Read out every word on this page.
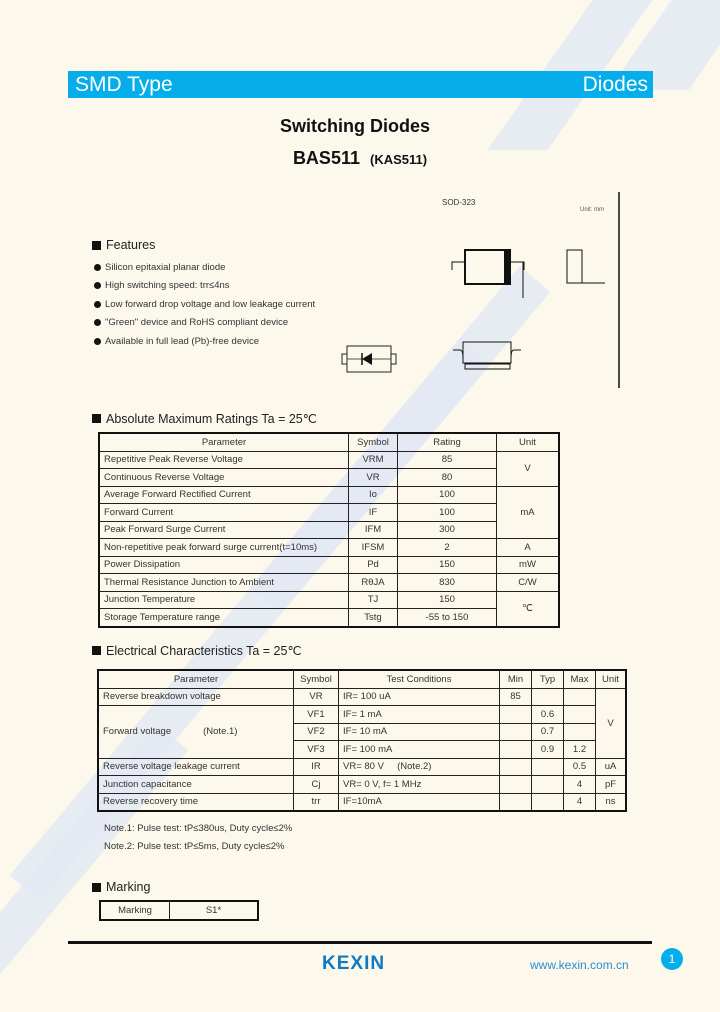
SMD Type	Diodes
Switching Diodes
BAS511 (KAS511)
Features
Silicon epitaxial planar diode
High switching speed: trr≤4ns
Low forward drop voltage and low leakage current
"Green" device and RoHS compliant device
Available in full lead (Pb)-free device
SOD-323
Unit: mm
Absolute Maximum Ratings Ta = 25℃
Parameter	Symbol	Rating	Unit
Repetitive Peak Reverse Voltage	VRM	85	V
Continuous Reverse Voltage	VR	80	
Average Forward Rectified Current	Io	100	mA
Forward Current	IF	100	
Peak Forward Surge Current	IFM	300	
Non-repetitive peak forward surge current(t=10ms)	IFSM	2	A
Power Dissipation	Pd	150	mW
Thermal Resistance Junction to Ambient	RθJA	830	C/W
Junction Temperature	TJ	150	℃
Storage Temperature range	Tstg	-55 to 150	
Electrical Characteristics Ta = 25℃
Parameter	Symbol	Test Conditions	Min	Typ	Max	Unit
Reverse breakdown voltage	VR	IR= 100 uA	85			V
Forward voltage (Note.1)	VF1	IF= 1 mA		0.6		
	VF2	IF= 10 mA		0.7		
	VF3	IF= 100 mA		0.9	1.2	
Reverse voltage leakage current	IR	VR= 80 V     (Note.2)			0.5	uA
Junction capacitance	Cj	VR= 0 V, f= 1 MHz			4	pF
Reverse recovery time	trr	IF=10mA			4	ns
Note.1: Pulse test: tP≤380us, Duty cycle≤2%
Note.2: Pulse test: tP≤5ms, Duty cycle≤2%
Marking
Marking	S1*
KEXIN	www.kexin.com.cn	1
